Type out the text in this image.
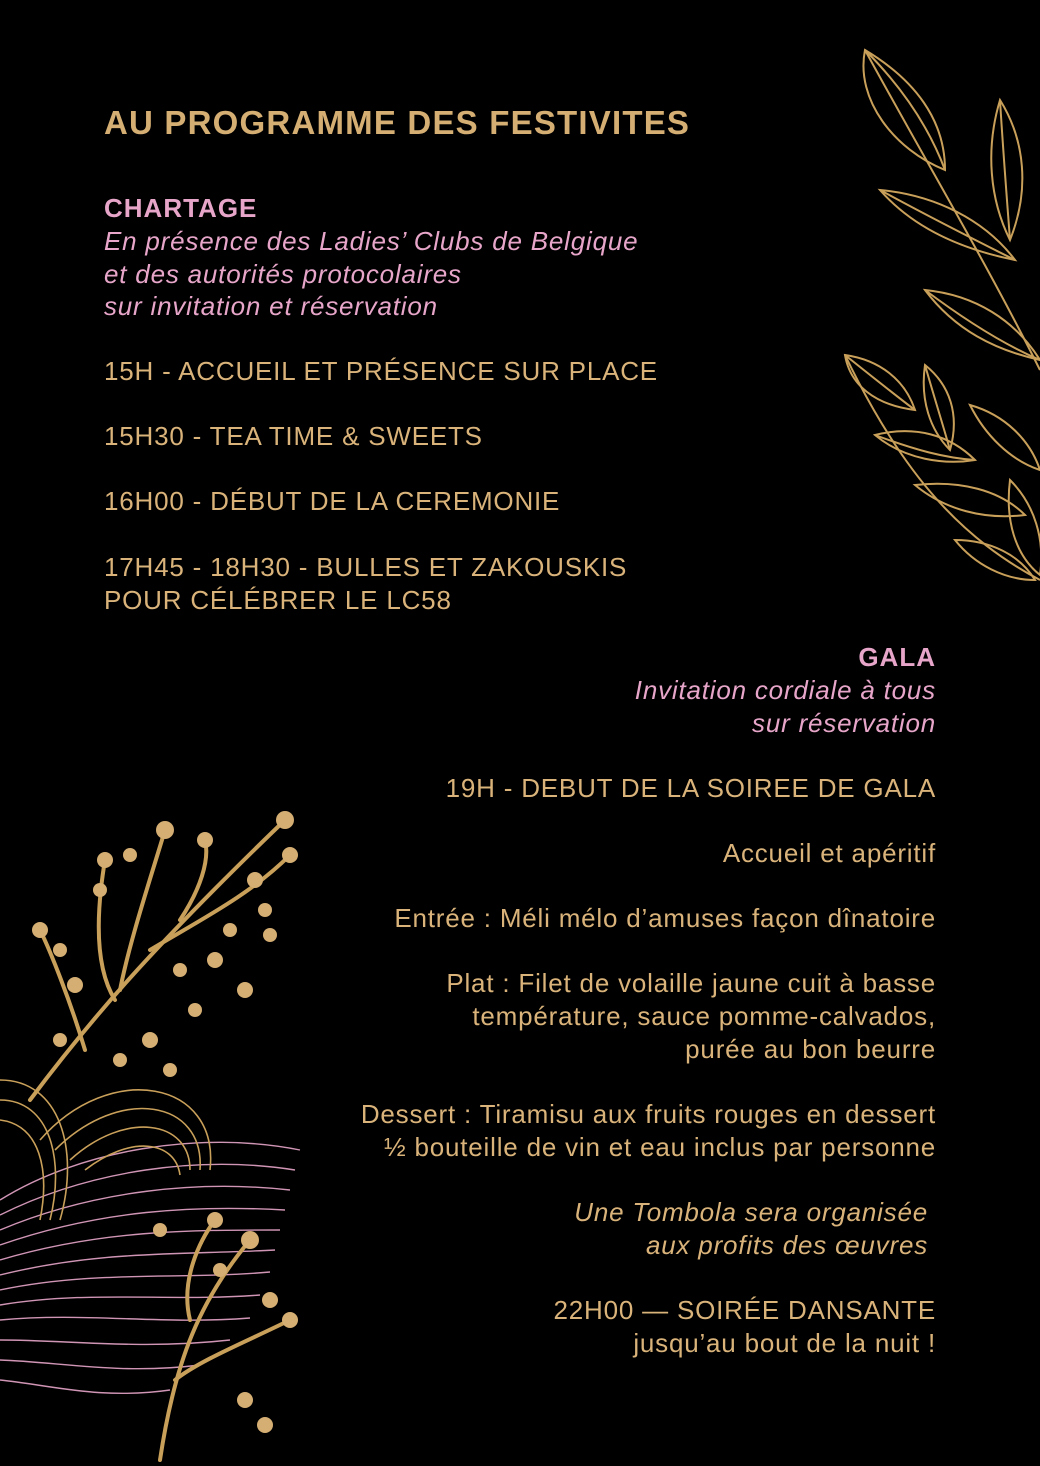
AU PROGRAMME DES FESTIVITES
CHARTAGE
En présence des Ladies’ Clubs de Belgique
et des autorités protocolaires
sur invitation et réservation
15H - ACCUEIL ET PRÉSENCE SUR PLACE
15H30 - TEA TIME & SWEETS
16H00 - DÉBUT DE LA CEREMONIE
17H45 - 18H30 - BULLES ET ZAKOUSKIS
POUR CÉLÉBRER LE LC58
GALA
Invitation cordiale à tous
sur réservation
19H - DEBUT DE LA SOIREE DE GALA
Accueil et apéritif
Entrée : Méli mélo d’amuses façon dînatoire
Plat : Filet de volaille jaune cuit à basse
température, sauce pomme-calvados,
purée au bon beurre
Dessert : Tiramisu aux fruits rouges en dessert
½ bouteille de vin et eau inclus par personne
Une Tombola sera organisée
aux profits des œuvres
22H00 — SOIRÉE DANSANTE
jusqu’au bout de la nuit !
